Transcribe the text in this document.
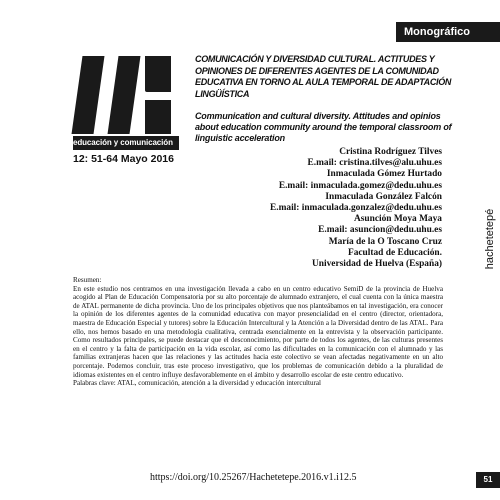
Monográfico
educación y comunicación
12: 51-64 Mayo 2016
COMUNICACIÓN Y DIVERSIDAD CULTURAL. ACTITUDES Y OPINIONES DE DIFERENTES AGENTES DE LA COMUNIDAD EDUCATIVA EN TORNO AL AULA TEMPORAL DE ADAPTACIÓN LINGÜÍSTICA
Communication and cultural diversity. Attitudes and opinios about education community around the temporal classroom of linguistic acceleration
Cristina Rodríguez Tilves
E.mail: cristina.tilves@alu.uhu.es
Inmaculada Gómez Hurtado
E.mail: inmaculada.gomez@dedu.uhu.es
Inmaculada González Falcón
E.mail: inmaculada.gonzalez@dedu.uhu.es
Asunción Moya Maya
E.mail: asuncion@dedu.uhu.es
María de la O Toscano Cruz
Facultad de Educación.
Universidad de Huelva (España)	hachetetepé

Resumen:

En este estudio nos centramos en una investigación llevada a cabo en un centro educativo SemiD de la provincia de Huelva acogido al Plan de Educación Compensatoria por su alto porcentaje de alumnado extranjero, el cual cuenta con la única maestra de ATAL permanente de dicha provincia. Uno de los principales objetivos que nos planteábamos en tal investigación, era conocer la opinión de los diferentes agentes de la comunidad educativa con mayor presencialidad en el centro (director, orientadora, maestra de Educación Especial y tutores) sobre la Educación Intercultural y la Atención a la Diversidad dentro de las ATAL. Para ello, nos hemos basado en una metodología cualitativa, centrada esencialmente en la entrevista y la observación participante. Como resultados principales, se puede destacar que el desconocimiento, por parte de todos los agentes, de las culturas presentes en el centro y la falta de participación en la vida escolar, así como las dificultades en la comunicación con el alumnado y las familias extranjeras hacen que las relaciones y las actitudes hacia este colectivo se vean afectadas negativamente en un alto porcentaje. Podemos concluir, tras este proceso investigativo, que los problemas de comunicación debido a la pluralidad de idiomas existentes en el centro influye desfavorablemente en el ámbito y desarrollo escolar de este centro educativo.

Palabras clave: ATAL, comunicación, atención a la diversidad y educación intercultural

https://doi.org/10.25267/Hachetetepe.2016.v1.i12.5	51
